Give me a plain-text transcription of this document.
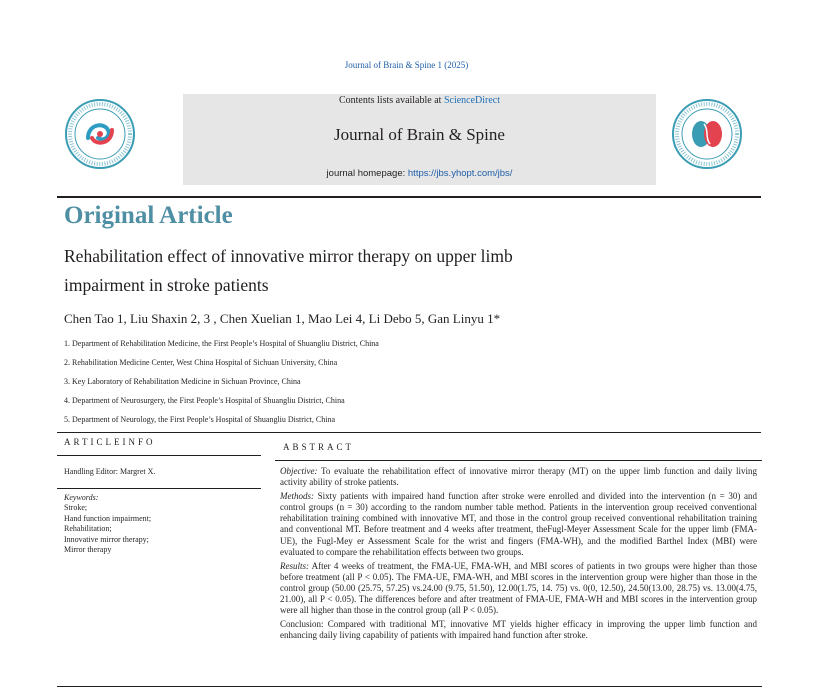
Journal of Brain & Spine 1 (2025)
Contents lists available at ScienceDirect
Journal of Brain & Spine
journal homepage: https://jbs.yhopt.com/jbs/
Original Article
Rehabilitation effect of innovative mirror therapy on upper limb
impairment in stroke patients
Chen Tao 1, Liu Shaxin 2, 3 , Chen Xuelian 1, Mao Lei 4, Li Debo 5, Gan Linyu 1*
1. Department of Rehabilitation Medicine, the First People’s Hospital of Shuangliu District, China
2. Rehabilitation Medicine Center, West China Hospital of Sichuan University, China
3. Key Laboratory of Rehabilitation Medicine in Sichuan Province, China
4. Department of Neurosurgery, the First People’s Hospital of Shuangliu District, China
5. Department of Neurology, the First People’s Hospital of Shuangliu District, China
ARTICLEINFO
Handling Editor: Margret X.
Keywords:
Stroke;
Hand function impairment;
Rehabilitation;
Innovative mirror therapy;
Mirror therapy
ABSTRACT

Objective: To evaluate the rehabilitation effect of innovative mirror therapy (MT) on the upper limb function and daily living activity ability of stroke patients.

Methods: Sixty patients with impaired hand function after stroke were enrolled and divided into the intervention (n = 30) and control groups (n = 30) according to the random number table method. Patients in the intervention group received conventional rehabilitation training combined with innovative MT, and those in the control group received conventional rehabilitation training and conventional MT. Before treatment and 4 weeks after treatment, theFugl-Meyer Assessment Scale for the upper limb (FMA-UE), the Fugl-Mey er Assessment Scale for the wrist and fingers (FMA-WH), and the modified Barthel Index (MBI) were evaluated to compare the rehabilitation effects between two groups.

Results: After 4 weeks of treatment, the FMA-UE, FMA-WH, and MBI scores of patients in two groups were higher than those before treatment (all P < 0.05). The FMA-UE, FMA-WH, and MBI scores in the intervention group were higher than those in the control group (50.00 (25.75, 57.25) vs.24.00 (9.75, 51.50), 12.00(1.75, 14. 75) vs. 0(0, 12.50), 24.50(13.00, 28.75) vs. 13.00(4.75, 21.00), all P < 0.05). The differences before and after treatment of FMA-UE, FMA-WH and MBI scores in the intervention group were all higher than those in the control group (all P < 0.05).

Conclusion: Compared with traditional MT, innovative MT yields higher efficacy in improving the upper limb function and enhancing daily living capability of patients with impaired hand function after stroke.
